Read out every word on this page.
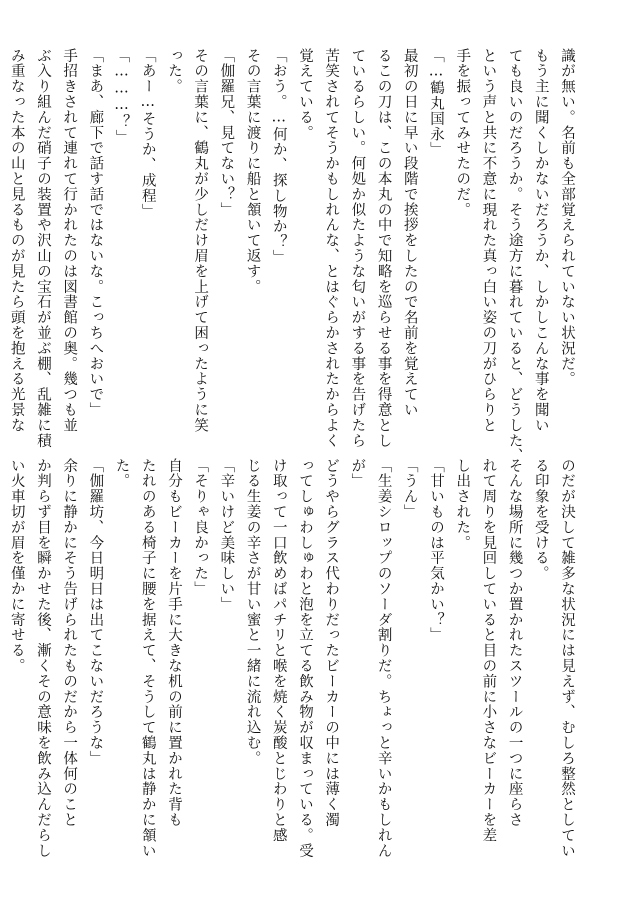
識が無い。名前も全部覚えられていない状況だ。
もう主に聞くしかないだろうか、しかしこんな事を聞い
ても良いのだろうか。そう途方に暮れていると、どうした、
という声と共に不意に現れた真っ白い姿の刀がひらりと
手を振ってみせたのだ。
「…鶴丸国永」
最初の日に早い段階で挨拶をしたので名前を覚えてい
るこの刀は、この本丸の中で知略を巡らせる事を得意とし
ているらしい。何処か似たような匂いがする事を告げたら
苦笑されてそうかもしれんな、とはぐらかされたからよく
覚えている。
「おう。…何か、探し物か？」
その言葉に渡りに船と頷いて返す。
「伽羅兄、見てない？」
その言葉に、鶴丸が少しだけ眉を上げて困ったように笑
った。
「あー…そうか、成程」
「………？」
「まあ、廊下で話す話ではないな。こっちへおいで」
手招きされて連れて行かれたのは図書館の奥。幾つも並
ぶ入り組んだ硝子の装置や沢山の宝石が並ぶ棚、乱雑に積
み重なった本の山と見るものが見たら頭を抱える光景な
のだが決して雑多な状況には見えず、むしろ整然としてい
る印象を受ける。
そんな場所に幾つか置かれたスツールの一つに座らさ
れて周りを見回していると目の前に小さなビーカーを差
し出された。
「甘いものは平気かい？」
「うん」
「生姜シロップのソーダ割りだ。ちょっと辛いかもしれん
が」
どうやらグラス代わりだったビーカーの中には薄く濁
ってしゅわしゅわと泡を立てる飲み物が収まっている。受
け取って一口飲めばパチリと喉を焼く炭酸とじわりと感
じる生姜の辛さが甘い蜜と一緒に流れ込む。
「辛いけど美味しい」
「そりゃ良かった」
自分もビーカーを片手に大きな机の前に置かれた背も
たれのある椅子に腰を据えて、そうして鶴丸は静かに頷い
た。
「伽羅坊、今日明日は出てこないだろうな」
余りに静かにそう告げられたものだから一体何のこと
か判らず目を瞬かせた後、漸くその意味を飲み込んだらし
い火車切が眉を僅かに寄せる。
